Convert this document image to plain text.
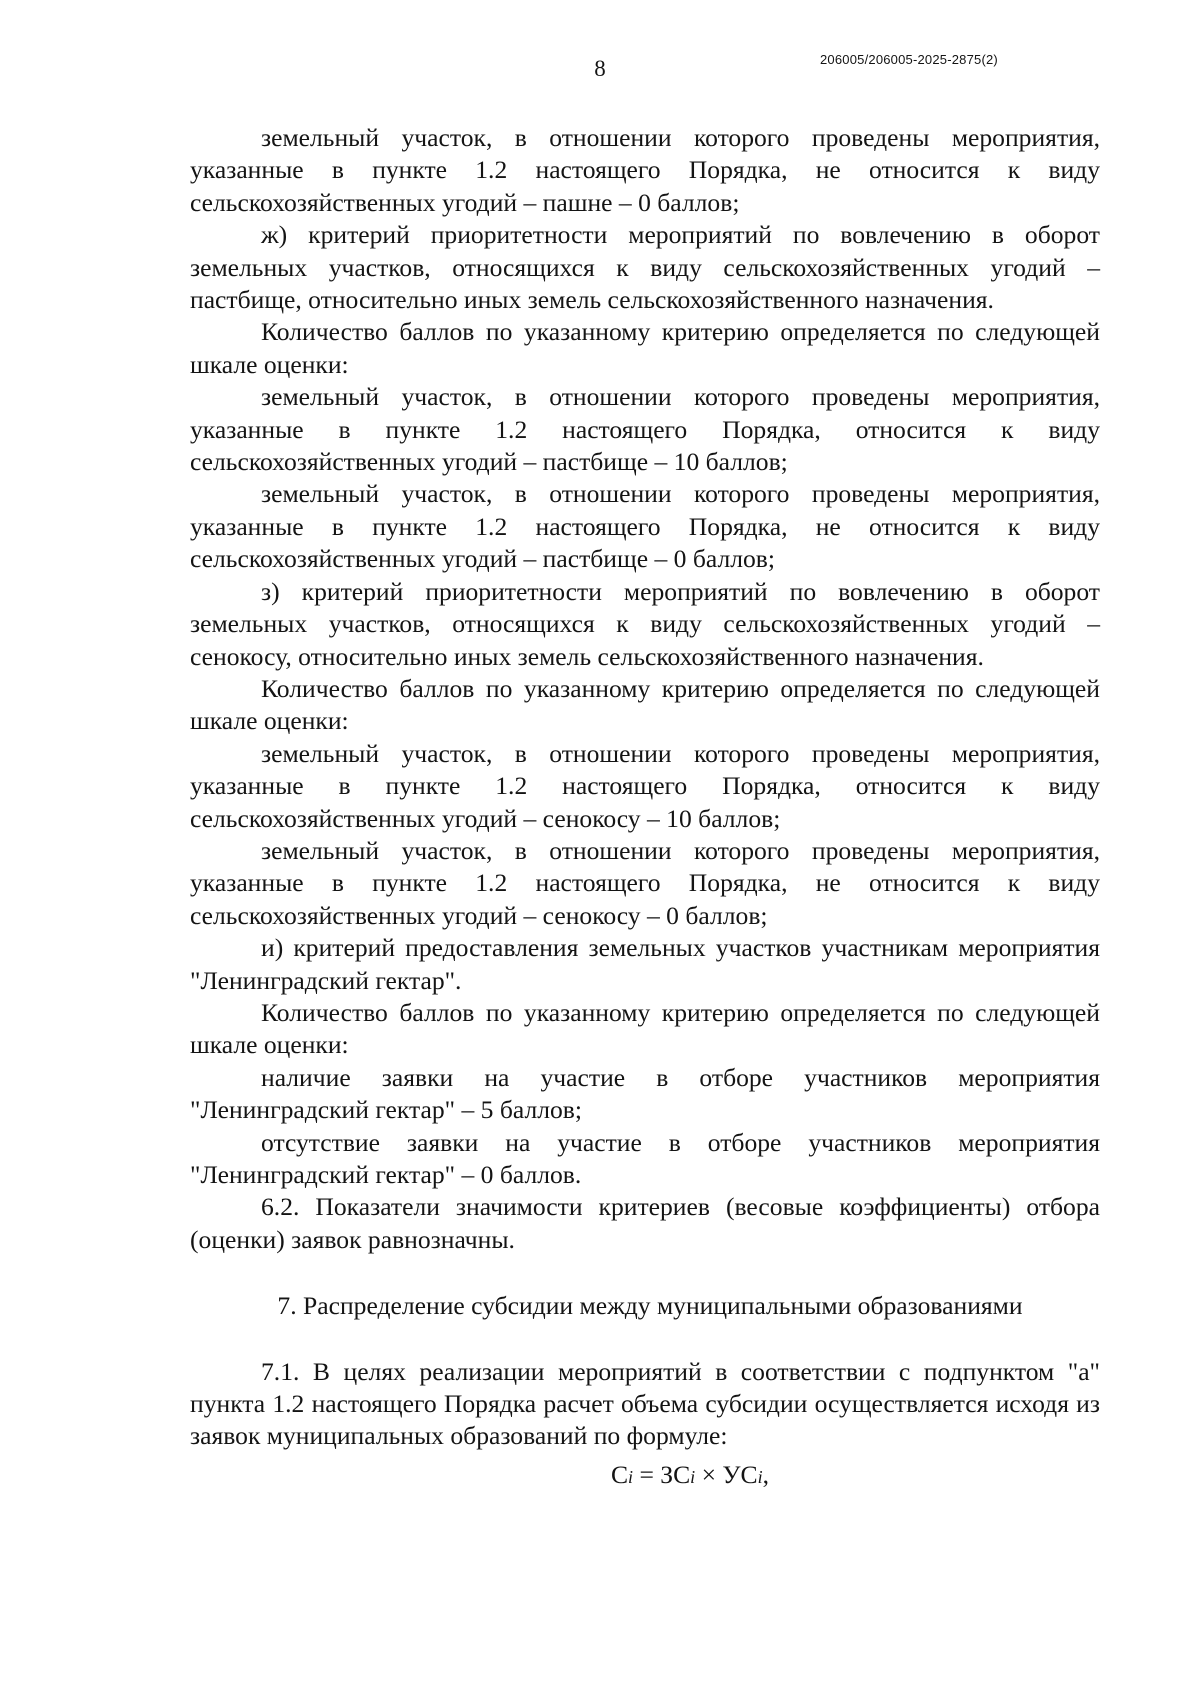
8	206005/206005-2025-2875(2)

земельный участок, в отношении которого проведены мероприятия, указанные в пункте 1.2 настоящего Порядка, не относится к виду сельскохозяйственных угодий – пашне – 0 баллов;

ж) критерий приоритетности мероприятий по вовлечению в оборот земельных участков, относящихся к виду сельскохозяйственных угодий – пастбище, относительно иных земель сельскохозяйственного назначения.

Количество баллов по указанному критерию определяется по следующей шкале оценки:

земельный участок, в отношении которого проведены мероприятия, указанные в пункте 1.2 настоящего Порядка, относится к виду сельскохозяйственных угодий – пастбище – 10 баллов;

земельный участок, в отношении которого проведены мероприятия, указанные в пункте 1.2 настоящего Порядка, не относится к виду сельскохозяйственных угодий – пастбище – 0 баллов;

з) критерий приоритетности мероприятий по вовлечению в оборот земельных участков, относящихся к виду сельскохозяйственных угодий – сенокосу, относительно иных земель сельскохозяйственного назначения.

Количество баллов по указанному критерию определяется по следующей шкале оценки:

земельный участок, в отношении которого проведены мероприятия, указанные в пункте 1.2 настоящего Порядка, относится к виду сельскохозяйственных угодий – сенокосу – 10 баллов;

земельный участок, в отношении которого проведены мероприятия, указанные в пункте 1.2 настоящего Порядка, не относится к виду сельскохозяйственных угодий – сенокосу – 0 баллов;

и) критерий предоставления земельных участков участникам мероприятия "Ленинградский гектар".

Количество баллов по указанному критерию определяется по следующей шкале оценки:

наличие заявки на участие в отборе участников мероприятия "Ленинградский гектар" – 5 баллов;

отсутствие заявки на участие в отборе участников мероприятия "Ленинградский гектар" – 0 баллов.

6.2. Показатели значимости критериев (весовые коэффициенты) отбора (оценки) заявок равнозначны.

7. Распределение субсидии между муниципальными образованиями

7.1. В целях реализации мероприятий в соответствии с подпунктом "а" пункта 1.2 настоящего Порядка расчет объема субсидии осуществляется исходя из заявок муниципальных образований по формуле:

Ci = ЗCi × УСi,
